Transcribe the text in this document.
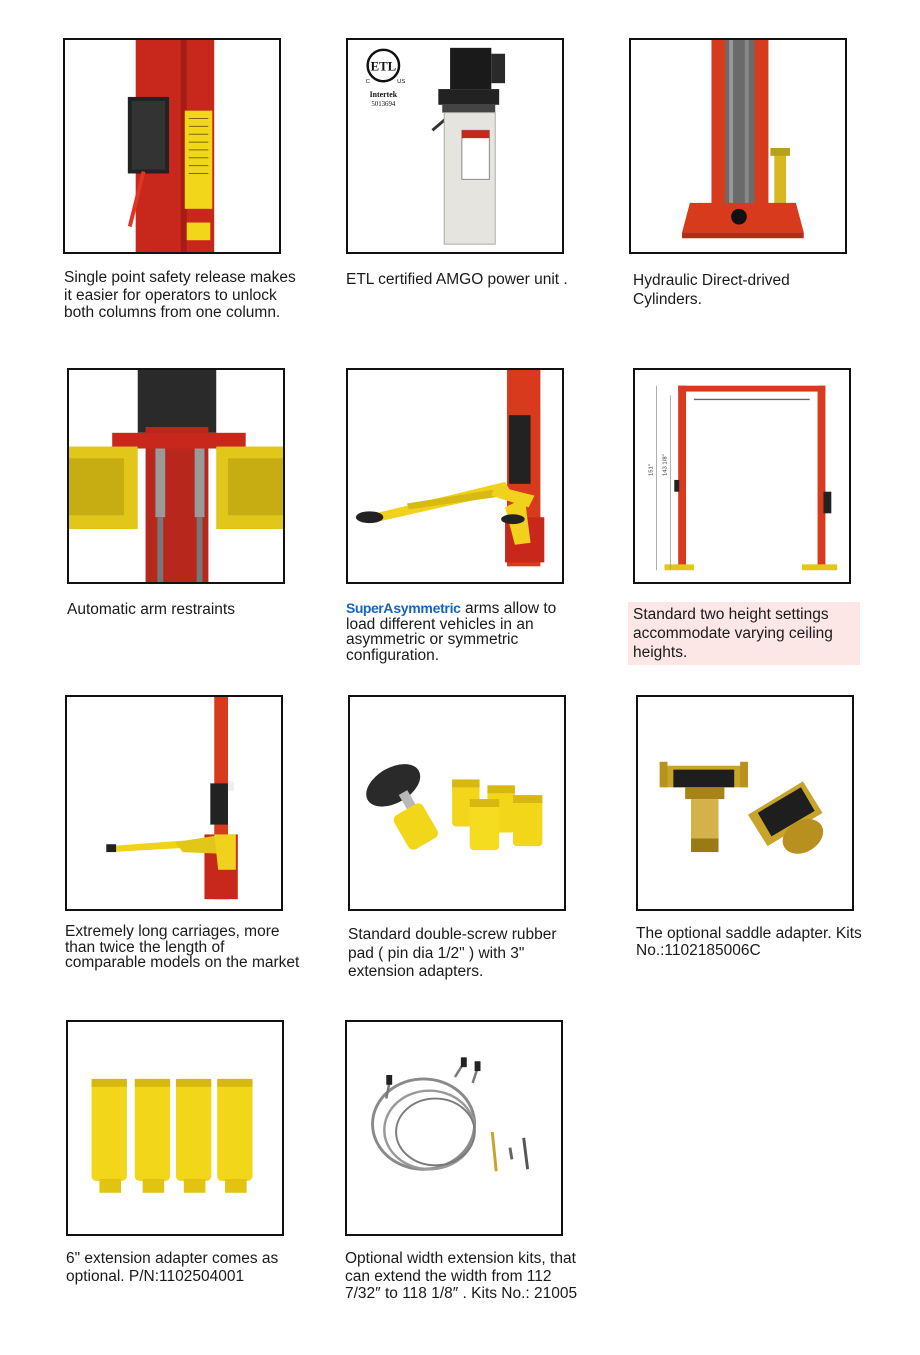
Single point safety release makes it easier for operators to unlock both columns from one column.
ETL
C	US
Intertek
5013694
ETL certified AMGO power unit .	Hydraulic Direct-drived Cylinders.
Automatic arm restraints	SuperAsymmetric arms allow to load different vehicles in an asymmetric or symmetric configuration.
151" 143 1/8"
Standard two height settings accommodate varying ceiling heights.
Extremely long carriages, more than twice the length of comparable models on the market
Standard double-screw rubber pad ( pin dia 1/2" ) with 3" extension adapters.
The optional saddle adapter. Kits No.:1102185006C
6" extension adapter comes as optional. P/N:1102504001
Optional width extension kits, that can extend the width from 112 7/32″ to 118 1/8″ . Kits No.: 21005
